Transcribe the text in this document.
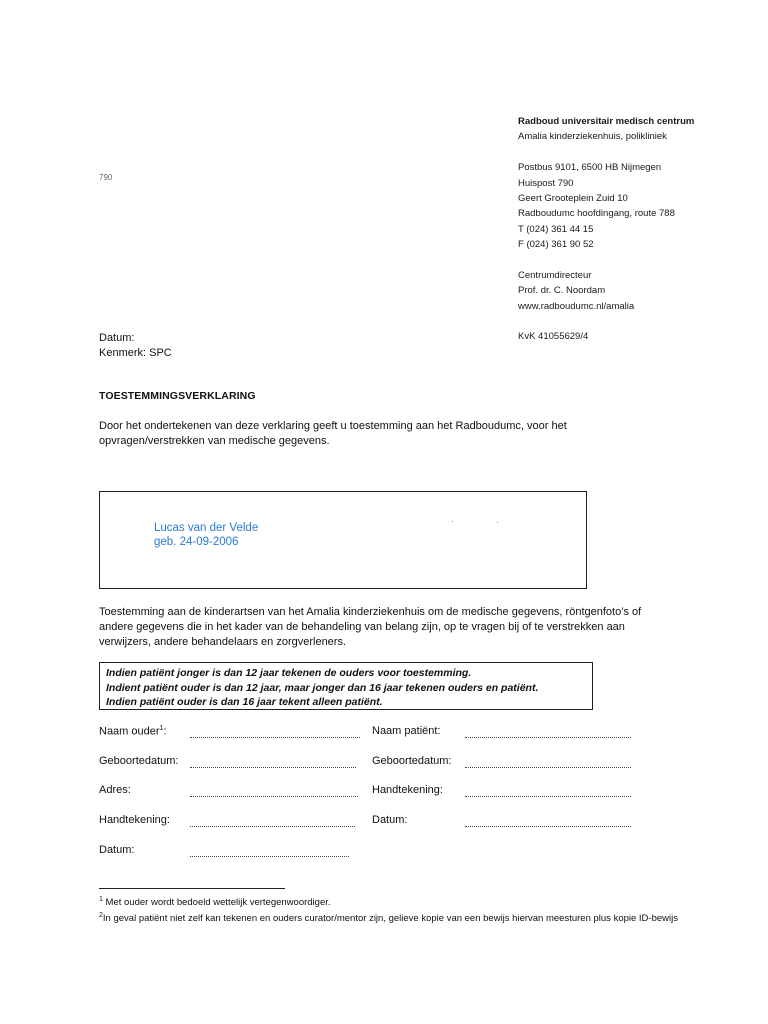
Radboud universitair medisch centrum
Amalia kinderziekenhuis, polikliniek
Postbus 9101, 6500 HB Nijmegen
Huispost 790
Geert Grooteplein Zuid 10
Radboudumc hoofdingang, route 788
T (024) 361 44 15
F (024) 361 90 52
Centrumdirecteur
Prof. dr. C. Noordam
www.radboudumc.nl/amalia
KvK 41055629/4
790
Datum:
Kenmerk: SPC
TOESTEMMINGSVERKLARING
Door het ondertekenen van deze verklaring geeft u toestemming aan het Radboudumc, voor het opvragen/verstrekken van medische gegevens.
Lucas van der Velde
geb. 24-09-2006
Toestemming aan de kinderartsen van het Amalia kinderziekenhuis om de medische gegevens, röntgenfoto’s of andere gegevens die in het kader van de behandeling van belang zijn, op te vragen bij of te verstrekken aan verwijzers, andere behandelaars en zorgverleners.
Indien patiënt jonger is dan 12 jaar tekenen de ouders voor toestemming.
Indient patiënt ouder is dan 12 jaar, maar jonger dan 16 jaar tekenen ouders en patiënt.
Indien patiënt ouder is dan 16 jaar tekent alleen patiënt.
Naam ouder$^1$:
Geboortedatum:
Adres:
Handtekening:
Datum:
Naam patiënt:
Geboortedatum:
Handtekening:
Datum:
$^1$ Met ouder wordt bedoeld wettelijk vertegenwoordiger.
$^2$In geval patiënt niet zelf kan tekenen en ouders curator/mentor zijn, gelieve kopie van een bewijs hiervan meesturen plus kopie ID-bewijs
